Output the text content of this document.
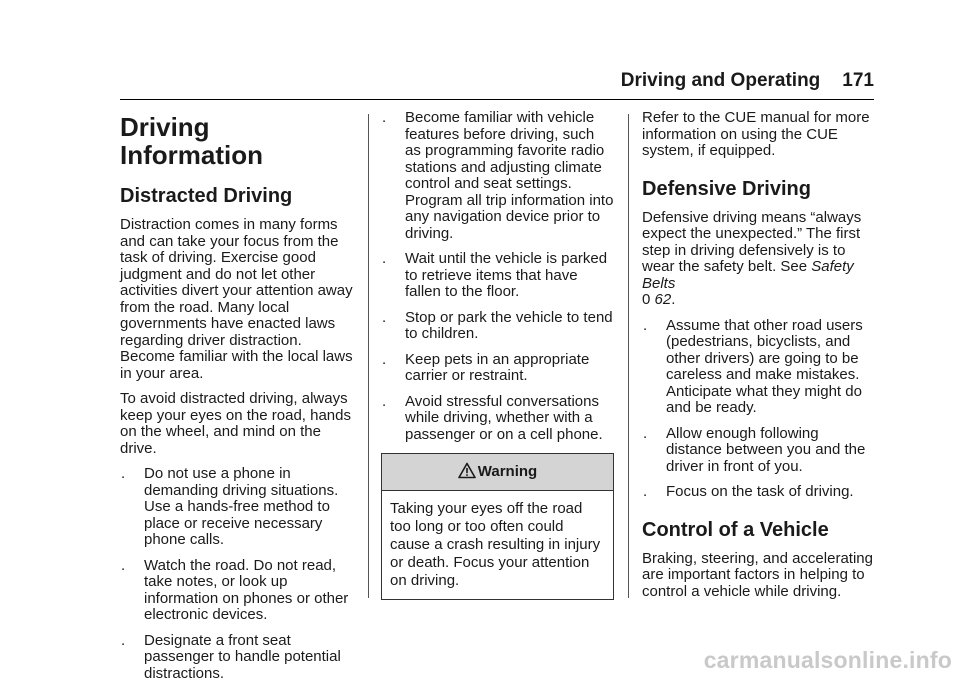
Driving and Operating 171
Driving Information
Distracted Driving

Distraction comes in many forms and can take your focus from the task of driving. Exercise good judgment and do not let other activities divert your attention away from the road. Many local governments have enacted laws regarding driver distraction. Become familiar with the local laws in your area.

To avoid distracted driving, always keep your eyes on the road, hands on the wheel, and mind on the drive.

. Do not use a phone in demanding driving situations. Use a hands-free method to place or receive necessary phone calls.
. Watch the road. Do not read, take notes, or look up information on phones or other electronic devices.
. Designate a front seat passenger to handle potential distractions.
. Become familiar with vehicle features before driving, such as programming favorite radio stations and adjusting climate control and seat settings. Program all trip information into any navigation device prior to driving.
. Wait until the vehicle is parked to retrieve items that have fallen to the floor.
. Stop or park the vehicle to tend to children.
. Keep pets in an appropriate carrier or restraint.
. Avoid stressful conversations while driving, whether with a passenger or on a cell phone.
Warning
Taking your eyes off the road too long or too often could cause a crash resulting in injury or death. Focus your attention on driving.

Refer to the CUE manual for more information on using the CUE system, if equipped.

Defensive Driving

Defensive driving means “always expect the unexpected.” The first step in driving defensively is to wear the safety belt. See Safety Belts
0 62.

. Assume that other road users (pedestrians, bicyclists, and other drivers) are going to be careless and make mistakes. Anticipate what they might do and be ready.
. Allow enough following distance between you and the driver in front of you.
. Focus on the task of driving.
Control of a Vehicle

Braking, steering, and accelerating are important factors in helping to control a vehicle while driving.

carmanualsonline.info
